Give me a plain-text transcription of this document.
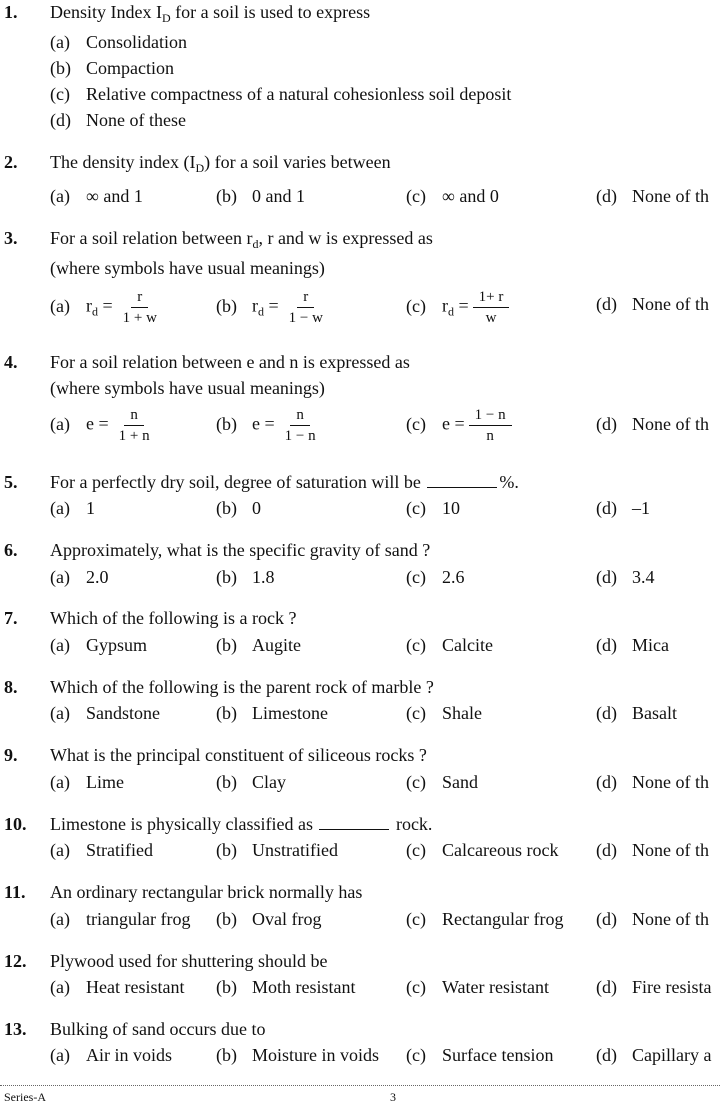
1. Density Index $I_D$ for a soil is used to express
(a) Consolidation
(b) Compaction
(c) Relative compactness of a natural cohesionless soil deposit
(d) None of these
2. The density index $(I_D)$ for a soil varies between
(a) ∞ and 1	(b) 0 and 1	(c) ∞ and 0	(d) None of th
3. For a soil relation between $r_d$, r and w is expressed as
(where symbols have usual meanings)
(a) $r_d = \frac{r}{1 + w}$	(b) $r_d = \frac{r}{1 - w}$	(c) $r_d = \frac{1+ r}{w}$	(d) None of th
4. For a soil relation between e and n is expressed as
(where symbols have usual meanings)
(a) $e = \frac{n}{1 + n}$	(b) $e = \frac{n}{1 - n}$	(c) $e = \frac{1 - n}{n}$	(d) None of th
5. For a perfectly dry soil, degree of saturation will be	%.
(a) 1	(b) 0	(c) 10	(d) –1
6. Approximately, what is the specific gravity of sand ?
(a) 2.0	(b) 1.8	(c) 2.6	(d) 3.4
7. Which of the following is a rock ?
(a) Gypsum	(b) Augite	(c) Calcite	(d) Mica
8. Which of the following is the parent rock of marble ?
(a) Sandstone	(b) Limestone	(c) Shale	(d) Basalt
9. What is the principal constituent of siliceous rocks ?
(a) Lime	(b) Clay	(c) Sand	(d) None of th
10. Limestone is physically classified as	rock.
(a) Stratified	(b) Unstratified	(c) Calcareous rock (d) None of th
11. An ordinary rectangular brick normally has
(a) triangular frog (b) Oval frog	(c) Rectangular frog (d) None of th
12. Plywood used for shuttering should be
(a) Heat resistant (b) Moth resistant	(c) Water resistant	(d) Fire resista
13. Bulking of sand occurs due to
(a) Air in voids (b) Moisture in voids (c) Surface tension (d) Capillary a
Series-A	3
